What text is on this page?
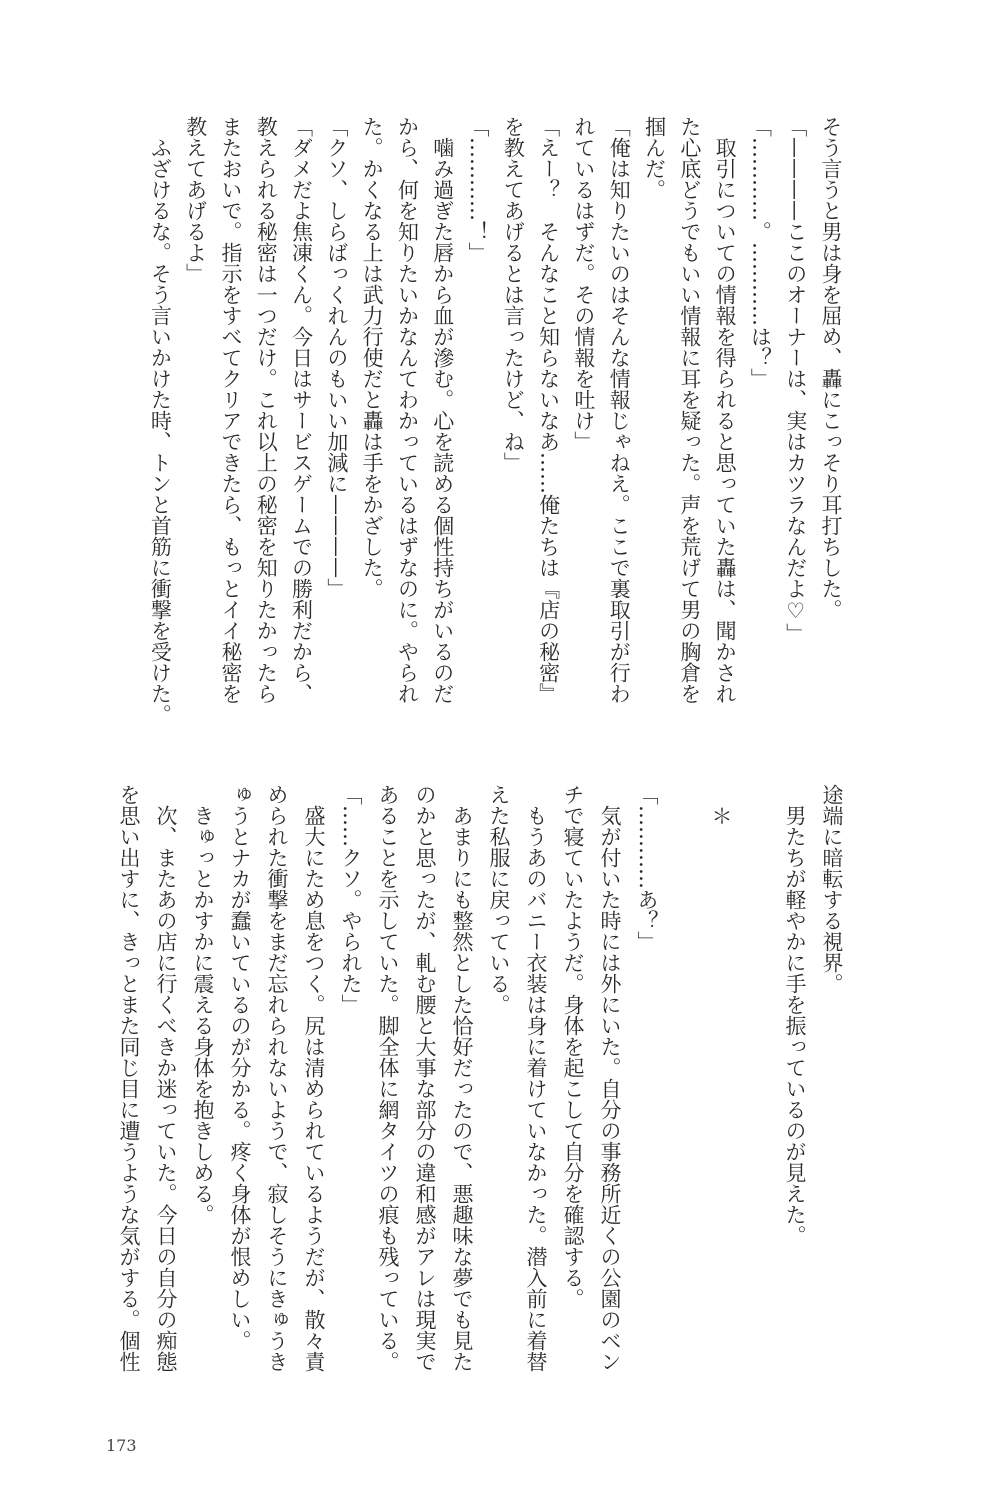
そう言うと男は身を屈め、轟にこっそり耳打ちした。
「————ここのオーナーは、実はカツラなんだよ♡」
「…………。…………は？」
　取引についての情報を得られると思っていた轟は、聞かされ
た心底どうでもいい情報に耳を疑った。声を荒げて男の胸倉を
掴んだ。
「俺は知りたいのはそんな情報じゃねえ。ここで裏取引が行わ
れているはずだ。その情報を吐け」
「えー？　そんなこと知らないなあ……俺たちは『店の秘密』
を教えてあげるとは言ったけど、ね」
「…………！」
　噛み過ぎた唇から血が滲む。心を読める個性持ちがいるのだ
から、何を知りたいかなんてわかっているはずなのに。やられ
た。かくなる上は武力行使だと轟は手をかざした。
「クソ、しらばっくれんのもいい加減に————」
「ダメだよ焦凍くん。今日はサービスゲームでの勝利だから、
教えられる秘密は一つだけ。これ以上の秘密を知りたかったら
またおいで。指示をすべてクリアできたら、もっとイイ秘密を
教えてあげるよ」
　ふざけるな。そう言いかけた時、トンと首筋に衝撃を受けた。
途端に暗転する視界。
　男たちが軽やかに手を振っているのが見えた。

　＊

「…………あ？」
　気が付いた時には外にいた。自分の事務所近くの公園のベン
チで寝ていたようだ。身体を起こして自分を確認する。
　もうあのバニー衣装は身に着けていなかった。潜入前に着替
えた私服に戻っている。
　あまりにも整然とした恰好だったので、悪趣味な夢でも見た
のかと思ったが、軋む腰と大事な部分の違和感がアレは現実で
あることを示していた。脚全体に網タイツの痕も残っている。
「……クソ。やられた」
　盛大にため息をつく。尻は清められているようだが、散々責
められた衝撃をまだ忘れられないようで、寂しそうにきゅうき
ゅうとナカが蠢いているのが分かる。疼く身体が恨めしい。
　きゅっとかすかに震える身体を抱きしめる。
　次、またあの店に行くべきか迷っていた。今日の自分の痴態
を思い出すに、きっとまた同じ目に遭うような気がする。個性
173
